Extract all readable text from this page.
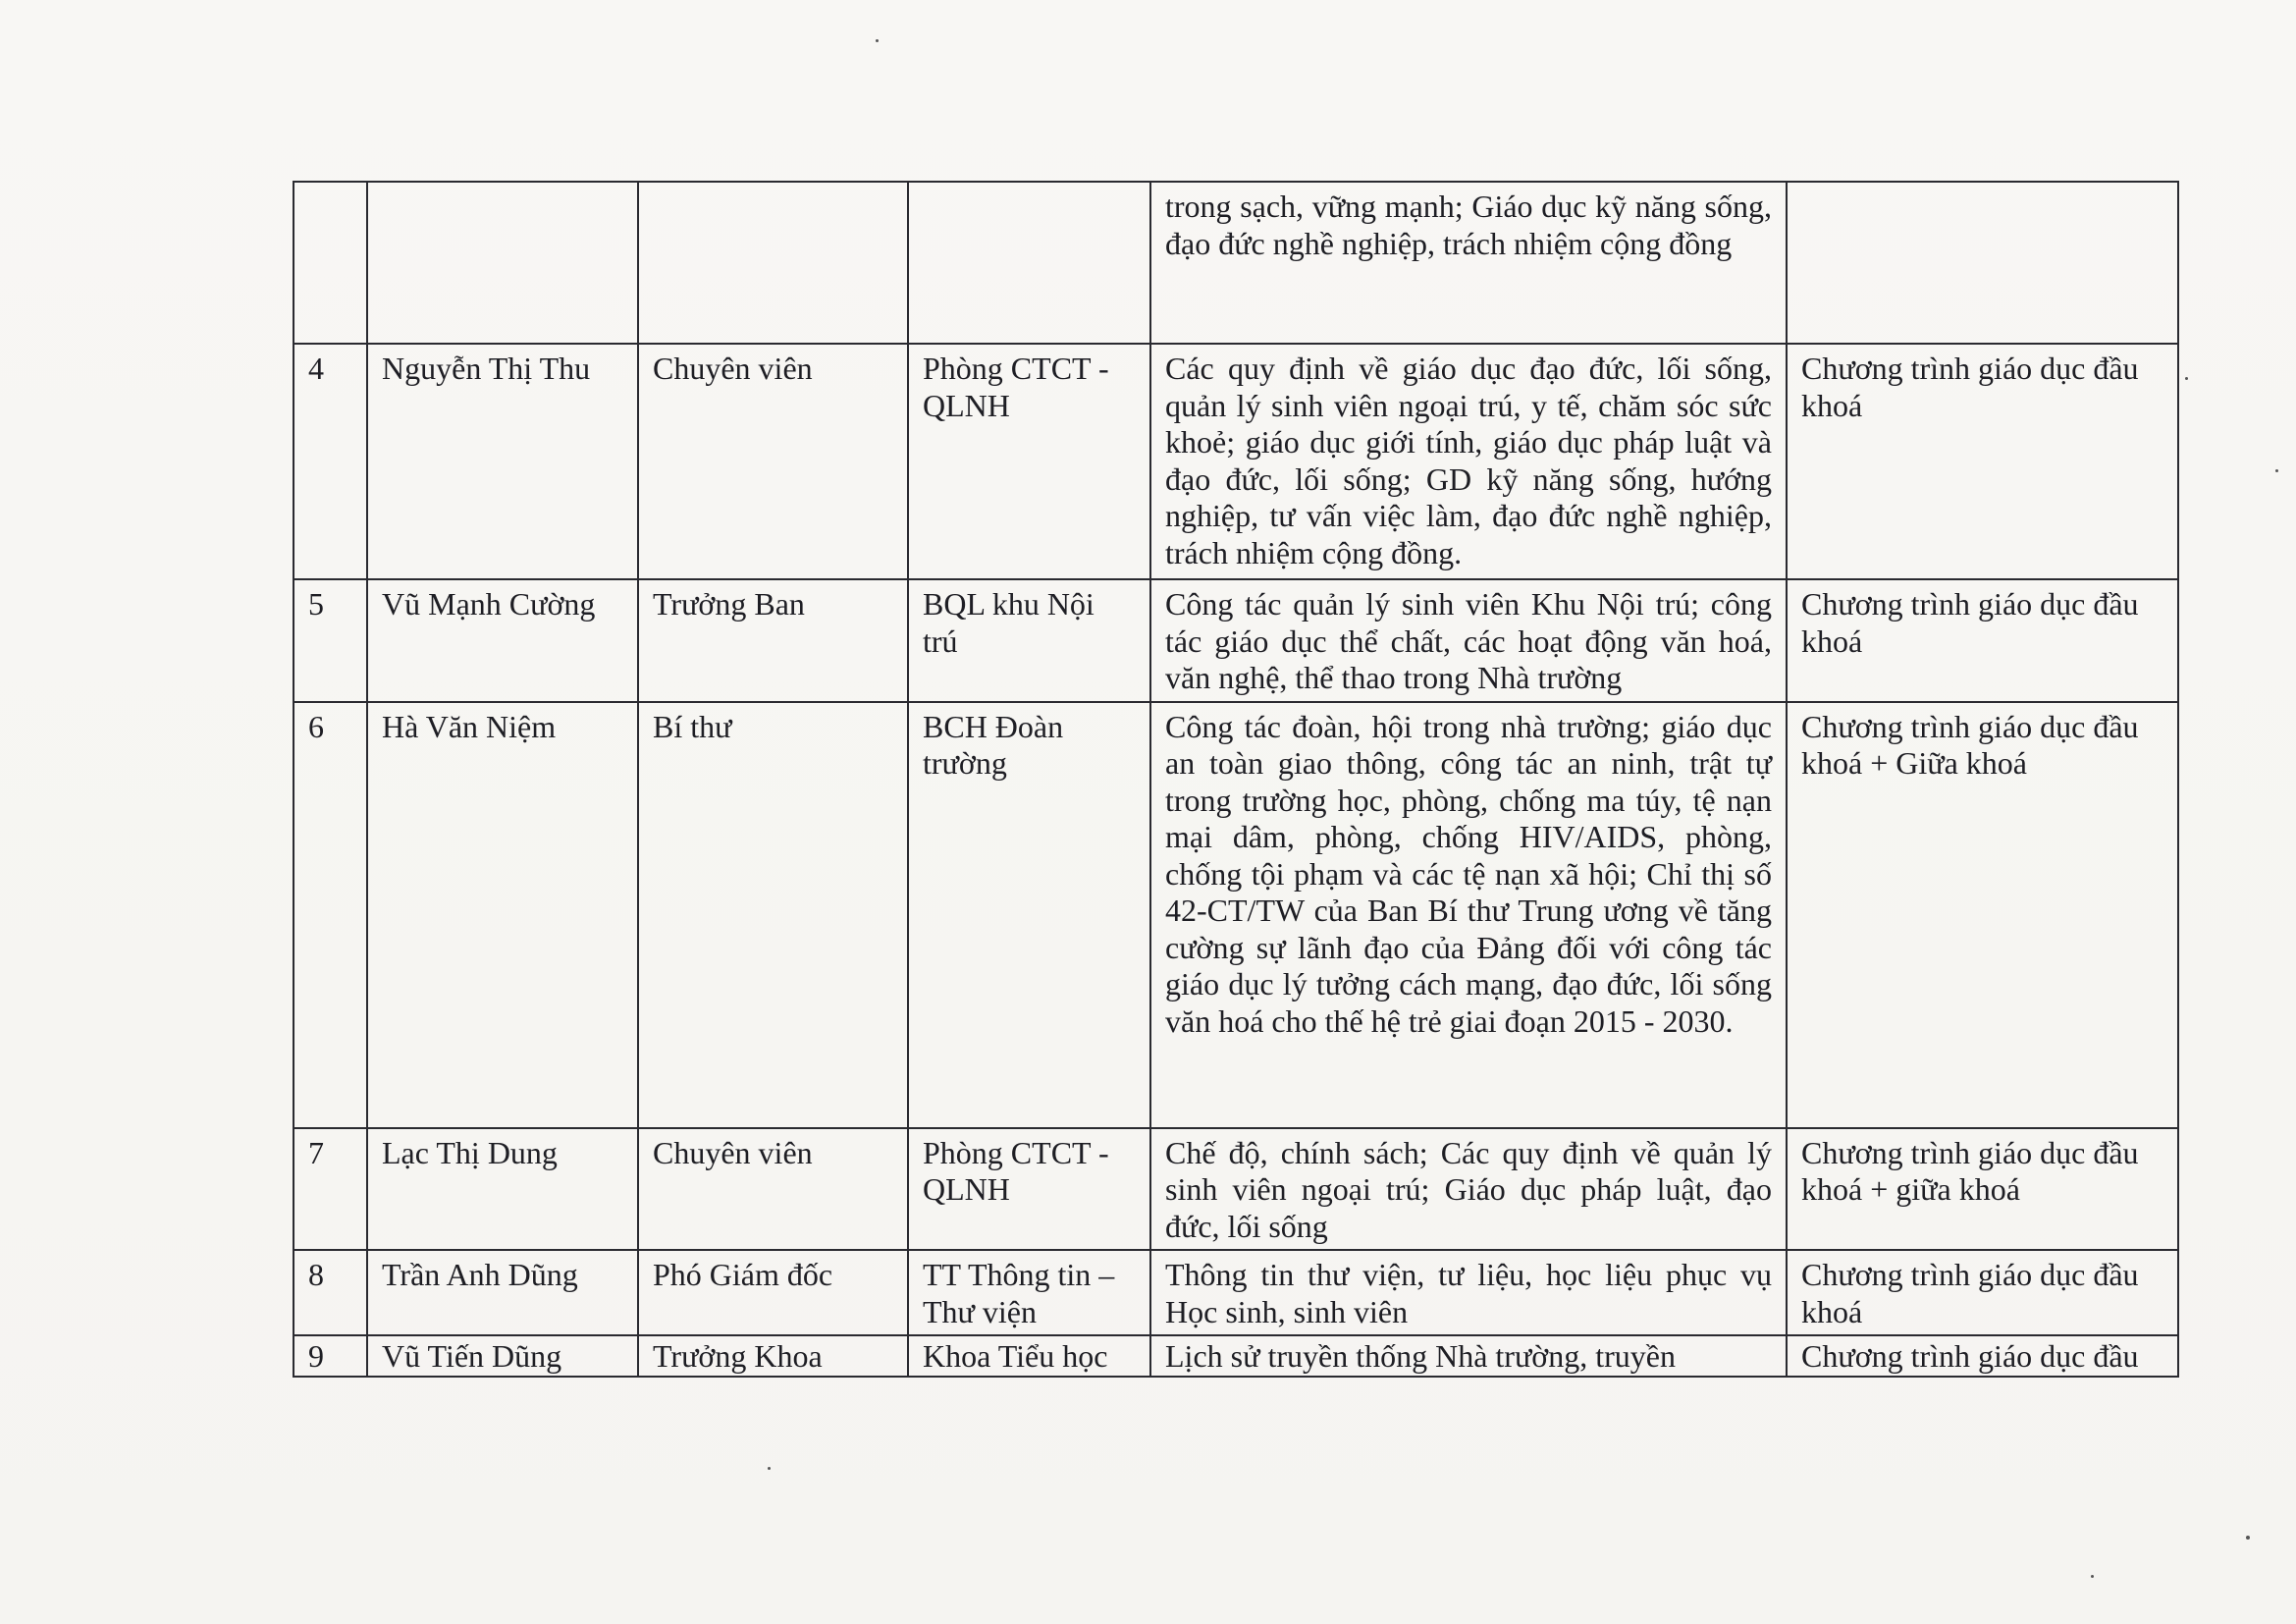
				trong sạch, vững mạnh; Giáo dục kỹ năng sống, đạo đức nghề nghiệp, trách nhiệm cộng đồng	
4	Nguyễn Thị Thu	Chuyên viên	Phòng CTCT - QLNH	Các quy định về giáo dục đạo đức, lối sống, quản lý sinh viên ngoại trú, y tế, chăm sóc sức khoẻ; giáo dục giới tính, giáo dục pháp luật và đạo đức, lối sống; GD kỹ năng sống, hướng nghiệp, tư vấn việc làm, đạo đức nghề nghiệp, trách nhiệm cộng đồng.	Chương trình giáo dục đầu khoá
5	Vũ Mạnh Cường	Trưởng Ban	BQL khu Nội trú	Công tác quản lý sinh viên Khu Nội trú; công tác giáo dục thể chất, các hoạt động văn hoá, văn nghệ, thể thao trong Nhà trường	Chương trình giáo dục đầu khoá
6	Hà Văn Niệm	Bí thư	BCH Đoàn trường	Công tác đoàn, hội trong nhà trường; giáo dục an toàn giao thông, công tác an ninh, trật tự trong trường học, phòng, chống ma túy, tệ nạn mại dâm, phòng, chống HIV/AIDS, phòng, chống tội phạm và các tệ nạn xã hội; Chỉ thị số 42-CT/TW của Ban Bí thư Trung ương về tăng cường sự lãnh đạo của Đảng đối với công tác giáo dục lý tưởng cách mạng, đạo đức, lối sống văn hoá cho thế hệ trẻ giai đoạn 2015 - 2030.	Chương trình giáo dục đầu khoá + Giữa khoá
7	Lạc Thị Dung	Chuyên viên	Phòng CTCT - QLNH	Chế độ, chính sách; Các quy định về quản lý sinh viên ngoại trú; Giáo dục pháp luật, đạo đức, lối sống	Chương trình giáo dục đầu khoá + giữa khoá
8	Trần Anh Dũng	Phó Giám đốc	TT Thông tin – Thư viện	Thông tin thư viện, tư liệu, học liệu phục vụ Học sinh, sinh viên	Chương trình giáo dục đầu khoá
9	Vũ Tiến Dũng	Trưởng Khoa	Khoa Tiểu học	Lịch sử truyền thống Nhà trường, truyền	Chương trình giáo dục đầu
